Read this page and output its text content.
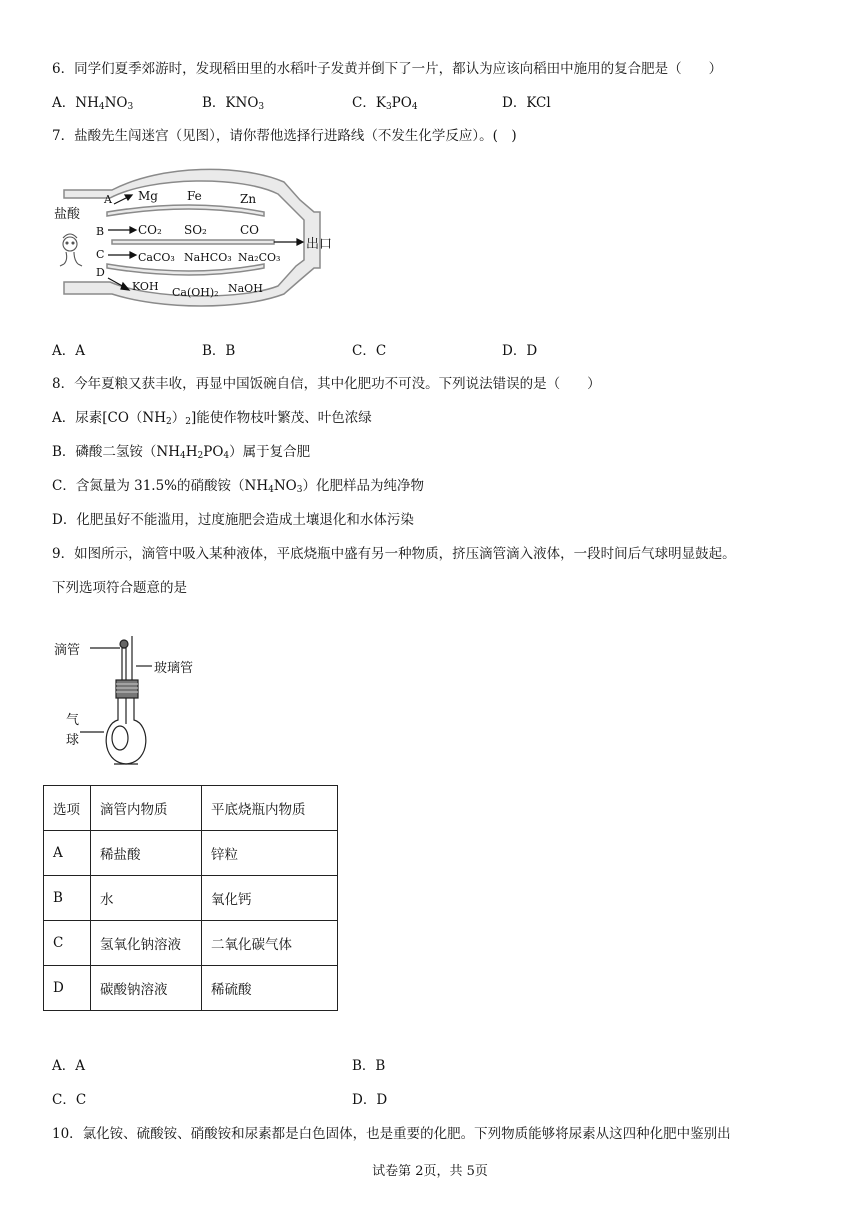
6．同学们夏季郊游时，发现稻田里的水稻叶子发黄并倒下了一片，都认为应该向稻田中施用的复合肥是（　　）
A．$NH_4NO_3$	B．$KNO_3$	C．$K_3PO_4$	D．KCl
7．盐酸先生闯迷宫（见图），请你帮他选择行进路线（不发生化学反应）。(　)
A Mg Fe	Zn
B	CO₂ SO₂	CO
C	CaCO₃ NaHCO₃ Na₂CO₃
D
KOH Ca(OH)₂ NaOH
盐酸
出口
A．A	B．B	C．C	D．D
8．今年夏粮又获丰收，再显中国饭碗自信，其中化肥功不可没。下列说法错误的是（　　）
A．尿素$[CO(NH_2)_2]$能使作物枝叶繁茂、叶色浓绿
B．磷酸二氢铵$(NH_4H_2PO_4)$属于复合肥
C．含氮量为 31.5%的硝酸铵$(NH_4NO_3)$化肥样品为纯净物
D．化肥虽好不能滥用，过度施肥会造成土壤退化和水体污染
9．如图所示，滴管中吸入某种液体，平底烧瓶中盛有另一种物质，挤压滴管滴入液体，一段时间后气球明显鼓起。
下列选项符合题意的是
滴管
玻璃管
气
球
选项	滴管内物质	平底烧瓶内物质
A	稀盐酸	锌粒
B	水	氧化钙
C	氢氧化钠溶液	二氧化碳气体
D	碳酸钠溶液	稀硫酸
A．A	B．B
C．C	D．D
10．氯化铵、硫酸铵、硝酸铵和尿素都是白色固体，也是重要的化肥。下列物质能够将尿素从这四种化肥中鉴别出
试卷第 2页，共 5页
